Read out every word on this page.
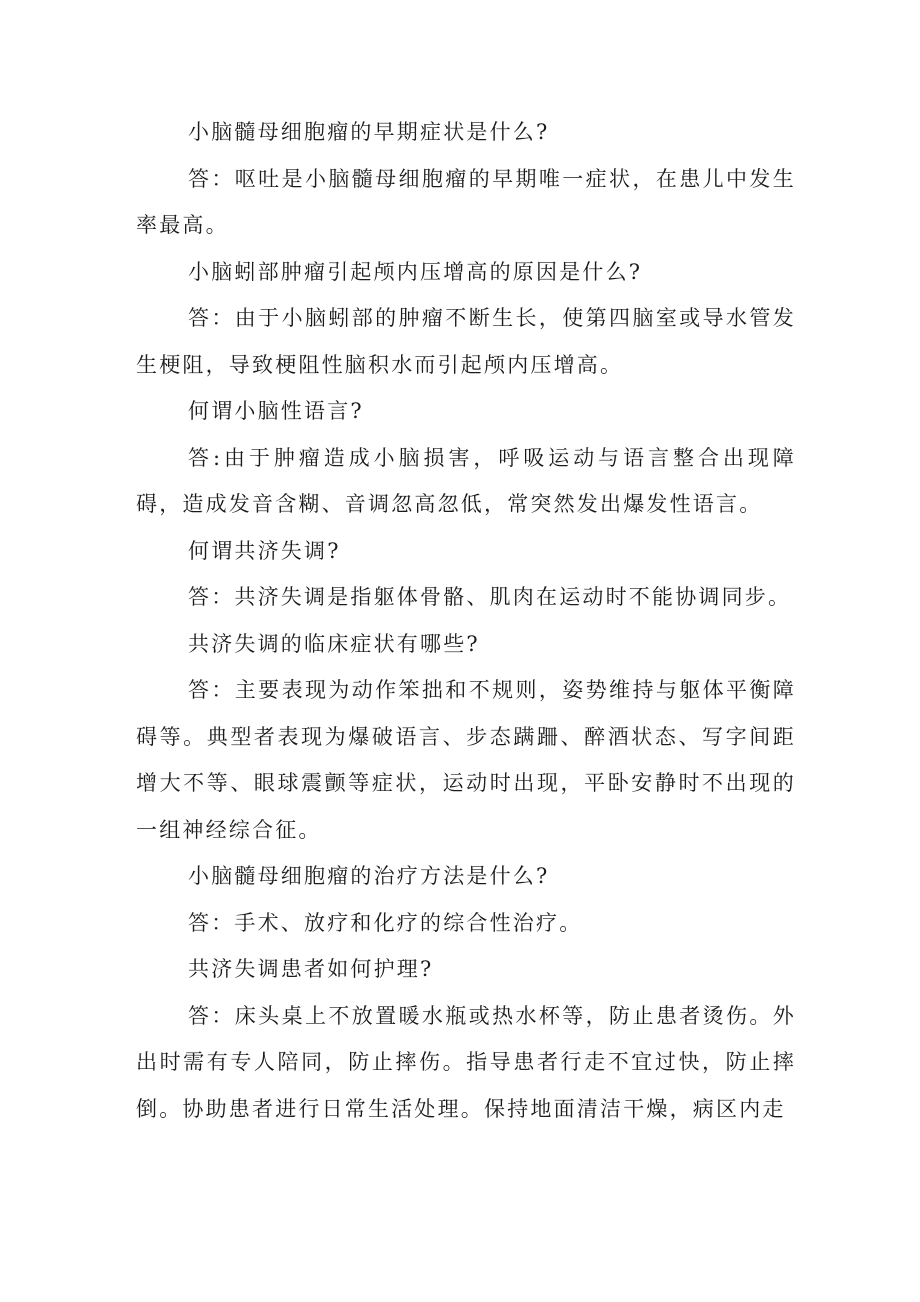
小脑髓母细胞瘤的早期症状是什么?

答：呕吐是小脑髓母细胞瘤的早期唯一症状，在患儿中发生率最高。

小脑蚓部肿瘤引起颅内压增高的原因是什么?

答：由于小脑蚓部的肿瘤不断生长，使第四脑室或导水管发生梗阻，导致梗阻性脑积水而引起颅内压增高。

何谓小脑性语言?

答:由于肿瘤造成小脑损害，呼吸运动与语言整合出现障碍，造成发音含糊、音调忽高忽低，常突然发出爆发性语言。

何谓共济失调?

答：共济失调是指躯体骨骼、肌肉在运动时不能协调同步。

共济失调的临床症状有哪些?

答：主要表现为动作笨拙和不规则，姿势维持与躯体平衡障碍等。典型者表现为爆破语言、步态蹒跚、醉酒状态、写字间距增大不等、眼球震颤等症状，运动时出现，平卧安静时不出现的一组神经综合征。

小脑髓母细胞瘤的治疗方法是什么?

答：手术、放疗和化疗的综合性治疗。

共济失调患者如何护理?

答：床头桌上不放置暖水瓶或热水杯等，防止患者烫伤。外出时需有专人陪同，防止摔伤。指导患者行走不宜过快，防止摔倒。协助患者进行日常生活处理。保持地面清洁干燥，病区内走
